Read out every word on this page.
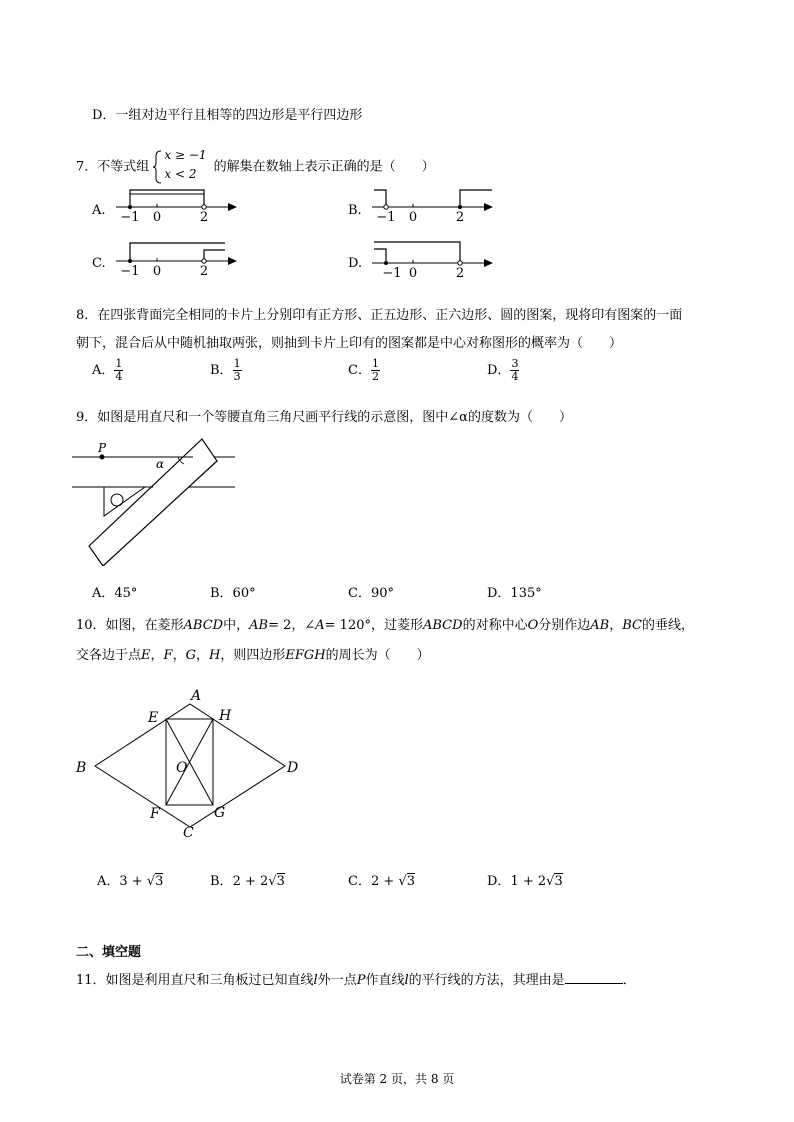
D．一组对边平行且相等的四边形是平行四边形
7．不等式组
x ≥ −1
x < 2 的解集在数轴上表示正确的是（　　）
A. −1 0	2	B. −1 0	2
C.
−1 0	2
D.
−1 0	2
8．在四张背面完全相同的卡片上分别印有正方形、正五边形、正六边形、圆的图案，现将印有图案的一面
朝下，混合后从中随机抽取两张，则抽到卡片上印有的图案都是中心对称图形的概率为（　　）
A． $\frac{1}{4}$	B． $\frac{1}{3}$	C． $\frac{1}{2}$	D． $\frac{3}{4}$
9．如图是用直尺和一个等腰直角三角尺画平行线的示意图，图中∠α的度数为（　　）
P
α
A．45°	B．60°	C．90°	D．135°
10．如图，在菱形ABCD中，AB= 2，∠A= 120°，过菱形ABCD的对称中心O分别作边AB，BC的垂线，
交各边于点E，F，G，H，则四边形EFGH的周长为（　　）
A
B
C
D
E
F	G
H
O
A．3 + √3	B．2 + 2√3	C．2 + √3	D．1 + 2√3
二、填空题
11．如图是利用直尺和三角板过已知直线l外一点P作直线l的平行线的方法，其理由是	．
试卷第 2 页，共 8 页
